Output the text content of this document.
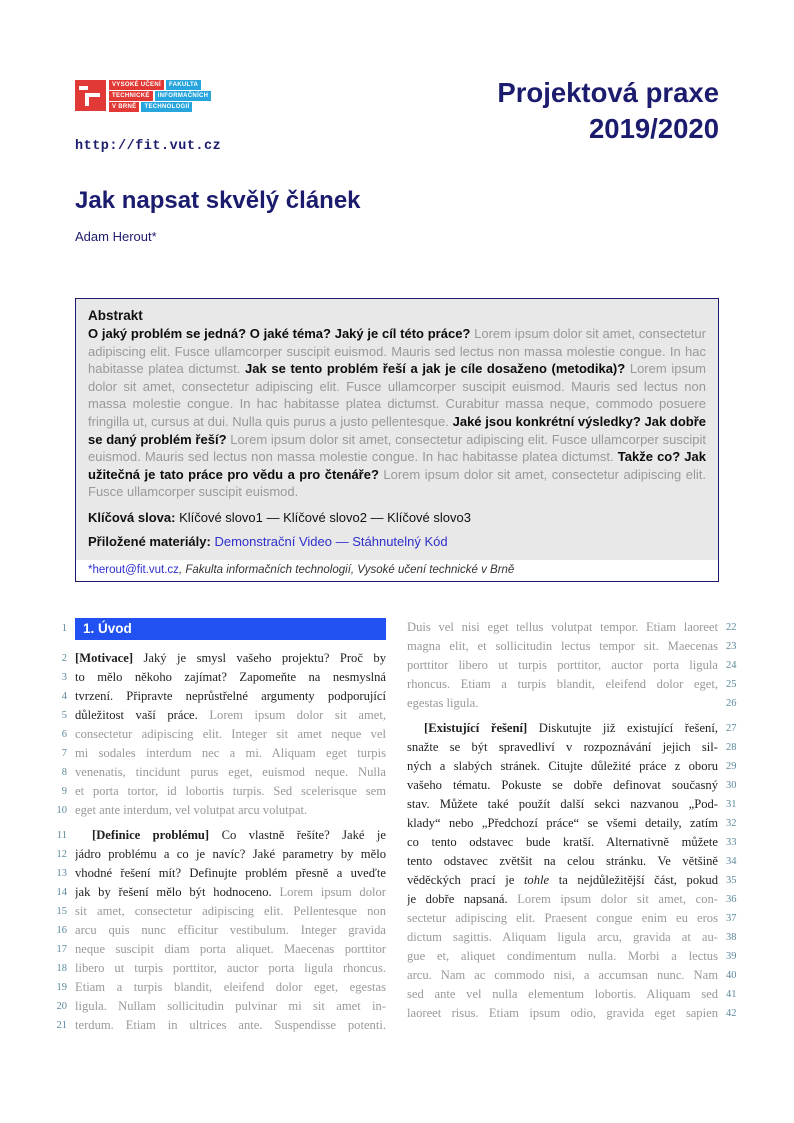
VYSOKÉ UČENÍ	FAKULTA
TECHNICKÉ	INFORMAČNÍCH
V BRNĚ	TECHNOLOGIÍ
http://fit.vut.cz
Projektová praxe
2019/2020
Jak napsat skvělý článek
Adam Herout*
Abstrakt

O jaký problém se jedná? O jaké téma? Jaký je cíl této práce? Lorem ipsum dolor sit amet, consectetur adipiscing elit. Fusce ullamcorper suscipit euismod. Mauris sed lectus non massa molestie congue. In hac habitasse platea dictumst. Jak se tento problém řeší a jak je cíle dosaženo (metodika)? Lorem ipsum dolor sit amet, consectetur adipiscing elit. Fusce ullamcorper suscipit euismod. Mauris sed lectus non massa molestie congue. In hac habitasse platea dictumst. Curabitur massa neque, commodo posuere fringilla ut, cursus at dui. Nulla quis purus a justo pellentesque. Jaké jsou konkrétní výsledky? Jak dobře se daný problém řeší? Lorem ipsum dolor sit amet, consectetur adipiscing elit. Fusce ullamcorper suscipit euismod. Mauris sed lectus non massa molestie congue. In hac habitasse platea dictumst. Takže co? Jak užitečná je tato práce pro vědu a pro čtenáře? Lorem ipsum dolor sit amet, consectetur adipiscing elit. Fusce ullamcorper suscipit euismod.

Klíčová slova: Klíčové slovo1 — Klíčové slovo2 — Klíčové slovo3
Přiložené materiály: Demonstrační Video — Stáhnutelný Kód
*herout@fit.vut.cz, Fakulta informačních technologií, Vysoké učení technické v Brně
1	1. Úvod
2 [Motivace] Jaký je smysl vašeho projektu? Proč by
3 to mělo někoho zajímat? Zapomeňte na nesmyslná
4 tvrzení. Připravte neprůstřelné argumenty podporující
5 důležitost vaší práce. Lorem ipsum dolor sit amet,
6 consectetur adipiscing elit. Integer sit amet neque vel
7 mi sodales interdum nec a mi. Aliquam eget turpis
8 venenatis, tincidunt purus eget, euismod neque. Nulla
9 et porta tortor, id lobortis turpis. Sed scelerisque sem
10 eget ante interdum, vel volutpat arcu volutpat.
11	[Definice problému] Co vlastně řešíte? Jaké je
12 jádro problému a co je navíc? Jaké parametry by mělo
13 vhodné řešení mít? Definujte problém přesně a uveďte
14 jak by řešení mělo být hodnoceno. Lorem ipsum dolor
15 sit amet, consectetur adipiscing elit. Pellentesque non
16 arcu quis nunc efficitur vestibulum. Integer gravida
17 neque suscipit diam porta aliquet. Maecenas porttitor
18 libero ut turpis porttitor, auctor porta ligula rhoncus.
19 Etiam a turpis blandit, eleifend dolor eget, egestas
20 ligula. Nullam sollicitudin pulvinar mi sit amet in-
21 terdum. Etiam in ultrices ante. Suspendisse potenti.
Duis vel nisi eget tellus volutpat tempor. Etiam laoreet 22
magna elit, et sollicitudin lectus tempor sit. Maecenas 23
porttitor libero ut turpis porttitor, auctor porta ligula 24
rhoncus. Etiam a turpis blandit, eleifend dolor eget, 25
egestas ligula.	26
[Existující řešení] Diskutujte již existující řešení, 27
snažte se být spravedliví v rozpoznávání jejich sil- 28
ných a slabých stránek. Citujte důležité práce z oboru 29
vašeho tématu. Pokuste se dobře definovat současný 30
stav. Můžete také použít další sekci nazvanou „Pod- 31
klady“ nebo „Předchozí práce“ se všemi detaily, zatím 32
co tento odstavec bude kratší. Alternativně můžete 33
tento odstavec zvětšit na celou stránku. Ve většině 34
věděckých prací je tohle ta nejdůležitější část, pokud 35
je dobře napsaná. Lorem ipsum dolor sit amet, con- 36
sectetur adipiscing elit. Praesent congue enim eu eros 37
dictum sagittis. Aliquam ligula arcu, gravida at au- 38
gue et, aliquet condimentum nulla. Morbi a lectus 39
arcu. Nam ac commodo nisi, a accumsan nunc. Nam 40
sed ante vel nulla elementum lobortis. Aliquam sed 41
laoreet risus. Etiam ipsum odio, gravida eget sapien 42
